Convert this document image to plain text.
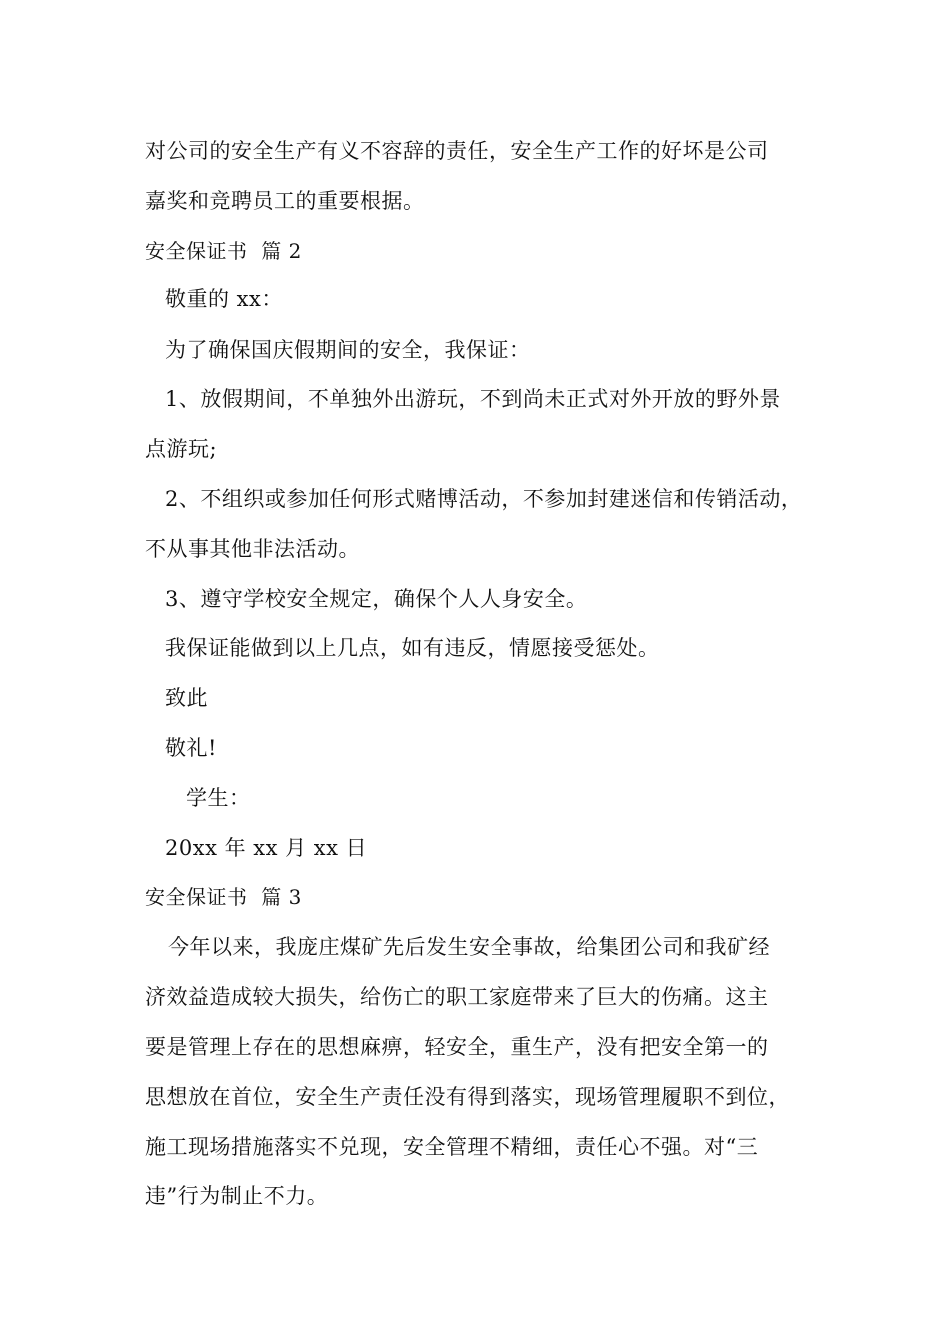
对公司的安全生产有义不容辞的责任，安全生产工作的好坏是公司
嘉奖和竞聘员工的重要根据。
安全保证书  篇 2
敬重的 xx：
为了确保国庆假期间的安全，我保证：
1、放假期间，不单独外出游玩，不到尚未正式对外开放的野外景
点游玩;
2、不组织或参加任何形式赌博活动，不参加封建迷信和传销活动，
不从事其他非法活动。
3、遵守学校安全规定，确保个人人身安全。
我保证能做到以上几点，如有违反，情愿接受惩处。
致此
敬礼!
学生：
20xx 年 xx 月 xx 日
安全保证书  篇 3
今年以来，我庞庄煤矿先后发生安全事故，给集团公司和我矿经
济效益造成较大损失，给伤亡的职工家庭带来了巨大的伤痛。这主
要是管理上存在的思想麻痹，轻安全，重生产，没有把安全第一的
思想放在首位，安全生产责任没有得到落实，现场管理履职不到位，
施工现场措施落实不兑现，安全管理不精细，责任心不强。对“三
违”行为制止不力。
